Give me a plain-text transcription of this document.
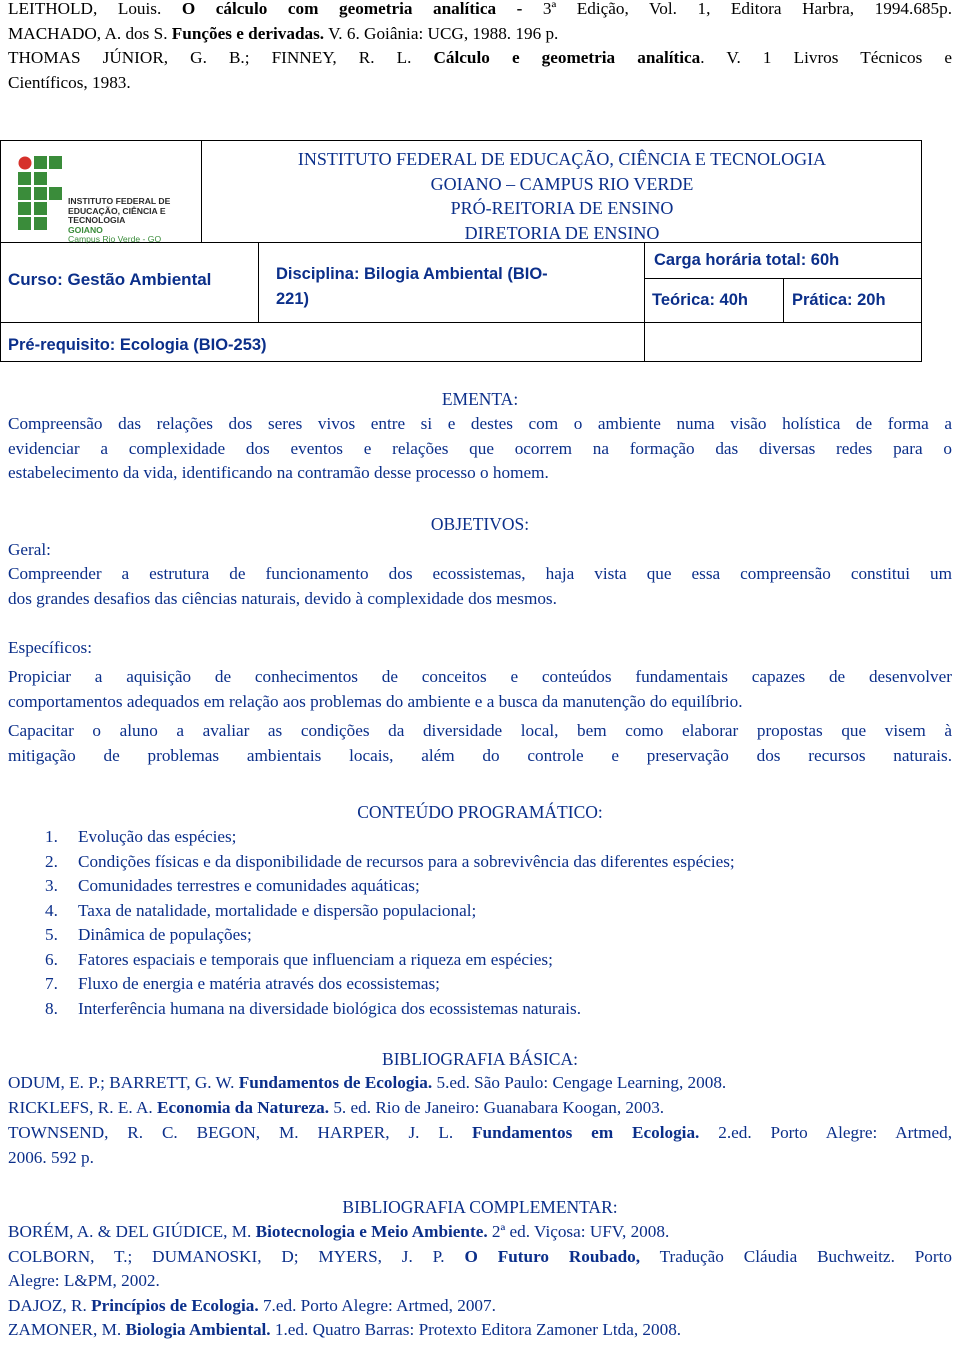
LEITHOLD, Louis. O cálculo com geometria analítica - 3ª Edição, Vol. 1, Editora Harbra, 1994.685p.
MACHADO, A. dos S. Funções e derivadas. V. 6. Goiânia: UCG, 1988. 196 p.
THOMAS JÚNIOR, G. B.; FINNEY, R. L. Cálculo e geometria analítica. V. 1 Livros Técnicos e
Científicos, 1983.
INSTITUTO FEDERAL DE
EDUCAÇÃO, CIÊNCIA E TECNOLOGIA
GOIANO
Campus Rio Verde - GO
INSTITUTO FEDERAL DE EDUCAÇÃO, CIÊNCIA E TECNOLOGIA
GOIANO – CAMPUS RIO VERDE
PRÓ-REITORIA DE ENSINO
DIRETORIA DE ENSINO
Curso: Gestão Ambiental	Disciplina: Bilogia Ambiental (BIO-
221)
Carga horária total: 60h
Teórica: 40h	Prática: 20h
Pré-requisito: Ecologia (BIO-253)
EMENTA:
Compreensão das relações dos seres vivos entre si e destes com o ambiente numa visão holística de forma a
evidenciar a complexidade dos eventos e relações que ocorrem na formação das diversas redes para o
estabelecimento da vida, identificando na contramão desse processo o homem.
OBJETIVOS:
Geral:
Compreender a estrutura de funcionamento dos ecossistemas, haja vista que essa compreensão constitui um
dos grandes desafios das ciências naturais, devido à complexidade dos mesmos.
Específicos:
Propiciar a aquisição de conhecimentos de conceitos e conteúdos fundamentais capazes de desenvolver
comportamentos adequados em relação aos problemas do ambiente e a busca da manutenção do equilíbrio.
Capacitar o aluno a avaliar as condições da diversidade local, bem como elaborar propostas que visem à
mitigação de problemas ambientais locais, além do controle e preservação dos recursos naturais.
CONTEÚDO PROGRAMÁTICO:
1. Evolução das espécies;
2. Condições físicas e da disponibilidade de recursos para a sobrevivência das diferentes espécies;
3. Comunidades terrestres e comunidades aquáticas;
4. Taxa de natalidade, mortalidade e dispersão populacional;
5. Dinâmica de populações;
6. Fatores espaciais e temporais que influenciam a riqueza em espécies;
7. Fluxo de energia e matéria através dos ecossistemas;
8. Interferência humana na diversidade biológica dos ecossistemas naturais.
BIBLIOGRAFIA BÁSICA:
ODUM, E. P.; BARRETT, G. W. Fundamentos de Ecologia. 5.ed. São Paulo: Cengage Learning, 2008.
RICKLEFS, R. E. A. Economia da Natureza. 5. ed. Rio de Janeiro: Guanabara Koogan, 2003.
TOWNSEND, R. C. BEGON, M. HARPER, J. L. Fundamentos em Ecologia. 2.ed. Porto Alegre: Artmed,
2006. 592 p.
BIBLIOGRAFIA COMPLEMENTAR:
BORÉM, A. & DEL GIÚDICE, M. Biotecnologia e Meio Ambiente. 2ª ed. Viçosa: UFV, 2008.
COLBORN, T.; DUMANOSKI, D; MYERS, J. P. O Futuro Roubado, Tradução Cláudia Buchweitz. Porto
Alegre: L&PM, 2002.
DAJOZ, R. Princípios de Ecologia. 7.ed. Porto Alegre: Artmed, 2007.
ZAMONER, M. Biologia Ambiental. 1.ed. Quatro Barras: Protexto Editora Zamoner Ltda, 2008.
